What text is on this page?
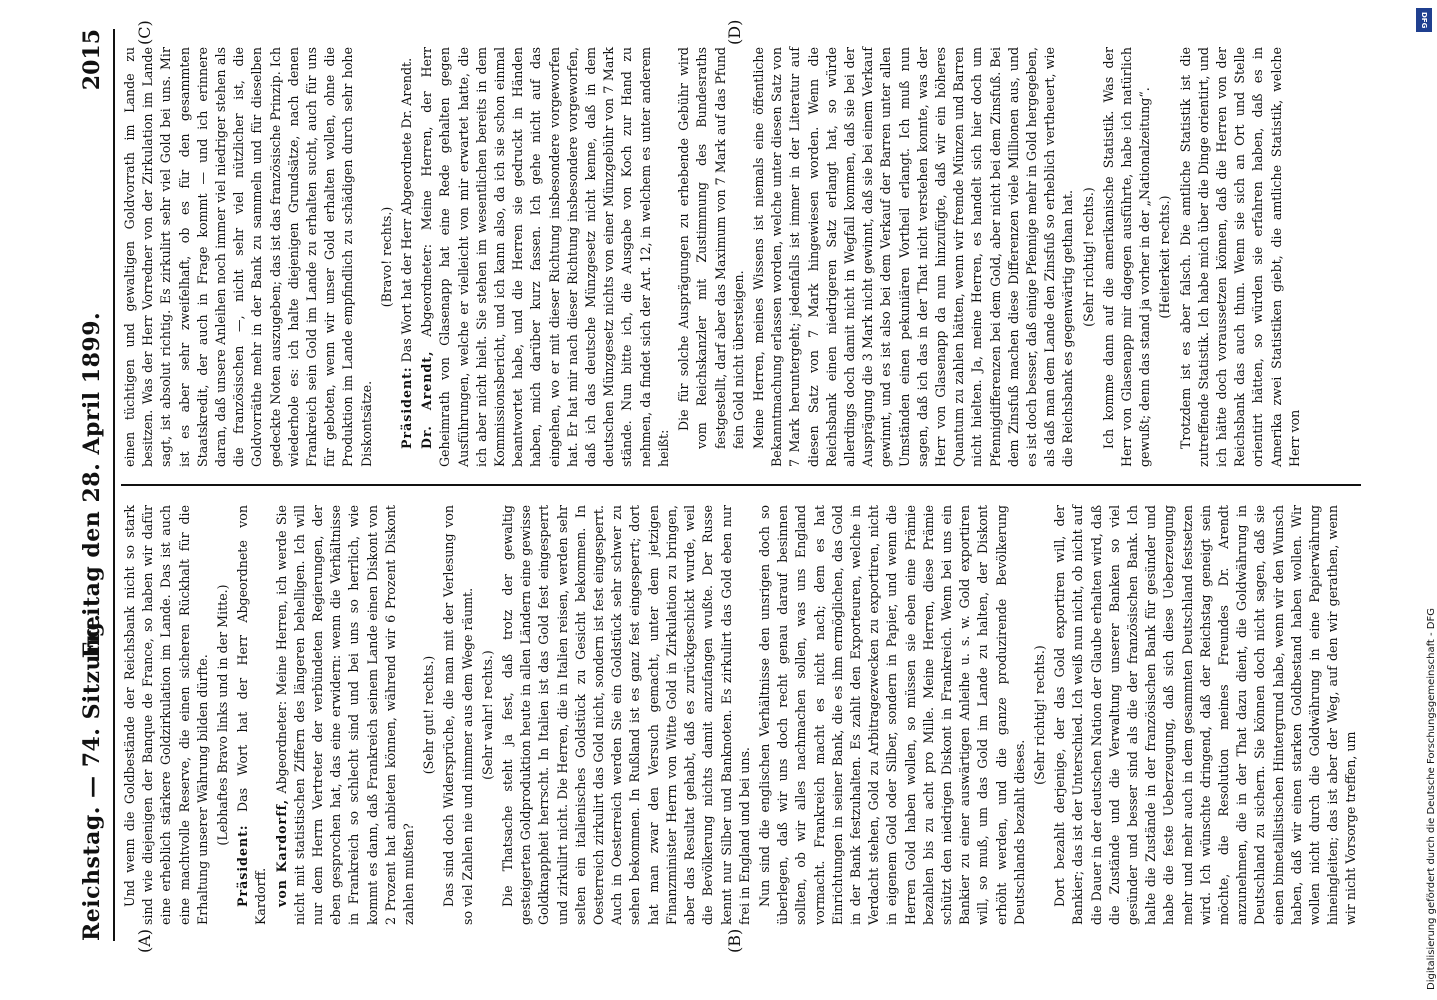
Reichstag. — 74. Sitzung.
Freitag den 28. April 1899.
2015
(A)	(B)
(C)	(D)

Und wenn die Goldbestände der Reichsbank nicht so stark sind wie diejenigen der Banque de France, so haben wir dafür eine erheblich stärkere Goldzirkulation im Lande. Das ist auch eine machtvolle Reserve, die einen sicheren Rückhalt für die Erhaltung unserer Währung bilden dürfte. (Lebhaftes Bravo links und in der Mitte.)

Präsident: Das Wort hat der Herr Abgeordnete von Kardorff. von Kardorff, Abgeordneter: Meine Herren, ich werde Sie nicht mit statistischen Ziffern des längeren behelligen. Ich will nur dem Herrn Vertreter der verbündeten Regierungen, der eben gesprochen hat, das eine erwidern: wenn die Verhältnisse in Frankreich so schlecht sind und bei uns so herrlich, wie kommt es dann, daß Frankreich seinem Lande einen Diskont von 2 Prozent hat anbieten können, während wir 6 Prozent Diskont zahlen mußten?

(Sehr gut! rechts.) Das sind doch Widersprüche, die man mit der Verlesung von so viel Zahlen nie und nimmer aus dem Wege räumt. (Sehr wahr! rechts.) Die Thatsache steht ja fest, daß trotz der gewaltig gesteigerten Goldproduktion heute in allen Ländern eine gewisse Goldknappheit herrscht. In Italien ist das Gold fest eingesperrt und zirkulirt nicht. Die Herren, die in Italien reisen, werden sehr selten ein italienisches Goldstück zu Gesicht bekommen. In Oesterreich zirkulirt das Gold nicht, sondern ist fest eingesperrt. Auch in Oesterreich werden Sie ein Goldstück sehr schwer zu sehen bekommen. In Rußland ist es ganz fest eingesperrt; dort hat man zwar den Versuch gemacht, unter dem jetzigen Finanzminister Herrn von Witte Gold in Zirkulation zu bringen, aber das Resultat gehabt, daß es zurückgeschickt wurde, weil die Bevölkerung nichts damit anzufangen wußte. Der Russe kennt nur Silber und Banknoten. Es zirkulirt das Gold eben nur frei in England und bei uns. Nun sind die englischen Verhältnisse den unsrigen doch so überlegen, daß wir uns doch recht genau darauf besinnen sollten, ob wir alles nachmachen sollen, was uns England vormacht. Frankreich macht es nicht nach; dem es hat Einrichtungen in seiner Bank, die es ihm ermöglichen, das Gold in der Bank festzuhalten. Es zahlt den Exporteuren, welche in Verdacht stehen, Gold zu Arbitragezwecken zu exportiren, nicht in eigenem Gold oder Silber, sondern in Papier, und wenn die Herren Gold haben wollen, so müssen sie eben eine Prämie bezahlen bis zu acht pro Mille. Meine Herren, diese Prämie schützt den niedrigen Diskont in Frankreich. Wenn bei uns ein Bankier zu einer auswärtigen Anleihe u. s. w. Gold exportiren will, so muß, um das Gold im Lande zu halten, der Diskont erhöht werden, und die ganze produzirende Bevölkerung Deutschlands bezahlt dieses.

(Sehr richtig! rechts.) Dort bezahlt derjenige, der das Gold exportiren will, der Bankier; das ist der Unterschied. Ich weiß nun nicht, ob nicht auf die Dauer in der deutschen Nation der Glaube erhalten wird, daß die Zustände und die Verwaltung unserer Banken so viel gesünder und besser sind als die der französischen Bank. Ich halte die Zustände in der französischen Bank für gesünder und habe die feste Ueberzeugung, daß sich diese Ueberzeugung mehr und mehr auch in dem gesammten Deutschland festsetzen wird. Ich wünschte dringend, daß der Reichstag geneigt sein möchte, die Resolution meines Freundes Dr. Arendt anzunehmen, die in der That dazu dient, die Goldwährung in Deutschland zu sichern. Sie können doch nicht sagen, daß sie einen bimetallistischen Hintergrund habe, wenn wir den Wunsch haben, daß wir einen starken Goldbestand haben wollen. Wir wollen nicht durch die Goldwährung in eine Papierwährung hineingleiten; das ist aber der Weg, auf den wir gerathen, wenn wir nicht Vorsorge treffen, um

einen tüchtigen und gewaltigen Goldvorrath im Lande zu besitzen. Was der Herr Vorredner von der Zirkulation im Lande sagt, ist absolut richtig. Es zirkulirt sehr viel Gold bei uns. Mir ist es aber sehr zweifelhaft, ob es für den gesammten Staatskredit, der auch in Frage kommt — und ich erinnere daran, daß unsere Anleihen noch immer viel niedriger stehen als die französischen —, nicht sehr viel nützlicher ist, die Goldvorräthe mehr in der Bank zu sammeln und für dieselben gedeckte Noten auszugeben; das ist das französische Prinzip. Ich wiederhole es: ich halte diejenigen Grundsätze, nach denen Frankreich sein Gold im Lande zu erhalten sucht, auch für uns für geboten, wenn wir unser Gold erhalten wollen, ohne die Produktion im Lande empfindlich zu schädigen durch sehr hohe Diskontsätze.

(Bravo! rechts.)

Präsident: Das Wort hat der Herr Abgeordnete Dr. Arendt.

Dr. Arendt, Abgeordneter: Meine Herren, der Herr Geheimrath von Glasenapp hat eine Rede gehalten gegen Ausführungen, welche er vielleicht von mir erwartet hatte, die ich aber nicht hielt. Sie stehen im wesentlichen bereits in dem Kommissionsbericht, und ich kann also, da ich sie schon einmal beantwortet habe, und die Herren sie gedruckt in Händen haben, mich darüber kurz fassen. Ich gehe nicht auf das eingehen, wo er mit dieser Richtung insbesondere vorgeworfen hat. Er hat mir nach dieser Richtung insbesondere vorgeworfen, daß ich das deutsche Münzgesetz nicht kenne, daß in dem deutschen Münzgesetz nichts von einer Münzgebühr von 7 Mark stände. Nun bitte ich, die Ausgabe von Koch zur Hand zu nehmen, da findet sich der Art. 12, in welchem es unter anderem heißt:

Die für solche Ausprägungen zu erhebende Gebühr wird vom Reichskanzler mit Zustimmung des Bundesraths festgestellt, darf aber das Maximum von 7 Mark auf das Pfund fein Gold nicht übersteigen. Meine Herren, meines Wissens ist niemals eine öffentliche Bekanntmachung erlassen worden, welche unter diesen Satz von 7 Mark heruntergeht; jedenfalls ist immer in der Literatur auf diesen Satz von 7 Mark hingewiesen worden. Wenn die Reichsbank einen niedrigeren Satz erlangt hat, so würde allerdings doch damit nicht in Wegfall kommen, daß sie bei der Ausprägung die 3 Mark nicht gewinnt, daß sie bei einem Verkauf gewinnt, und es ist also bei dem Verkauf der Barren unter allen Umständen einen pekuniären Vortheil erlangt. Ich muß nun sagen, daß ich das in der That nicht verstehen konnte, was der Herr von Glasenapp da nun hinzufügte, daß wir ein höheres Quantum zu zahlen hätten, wenn wir fremde Münzen und Barren nicht hielten. Ja, meine Herren, es handelt sich hier doch um Pfennigdifferenzen bei dem Gold, aber nicht bei dem Zinsfuß. Bei dem Zinsfuß machen diese Differenzen viele Millionen aus, und es ist doch besser, daß einige Pfennige mehr in Gold hergegeben, als daß man dem Lande den Zinsfuß so erheblich vertheuert, wie die Reichsbank es gegenwärtig gethan hat. (Sehr richtig! rechts.) Ich komme dann auf die amerikanische Statistik. Was der Herr von Glasenapp mir dagegen ausführte, habe ich natürlich gewußt; denn das stand ja vorher in der „Nationalzeitung“. (Heiterkeit rechts.) Trotzdem ist es aber falsch. Die amtliche Statistik ist die zutreffende Statistik. Ich habe mich über die Dinge orientirt, und ich hätte doch voraussetzen können, daß die Herren von der Reichsbank das auch thun. Wenn sie sich an Ort und Stelle orientirt hätten, so würden sie erfahren haben, daß es in Amerika zwei Statistiken giebt, die amtliche Statistik, welche Herr von

DFG
Digitalisierung gefördert durch die Deutsche Forschungsgemeinschaft - DFG
